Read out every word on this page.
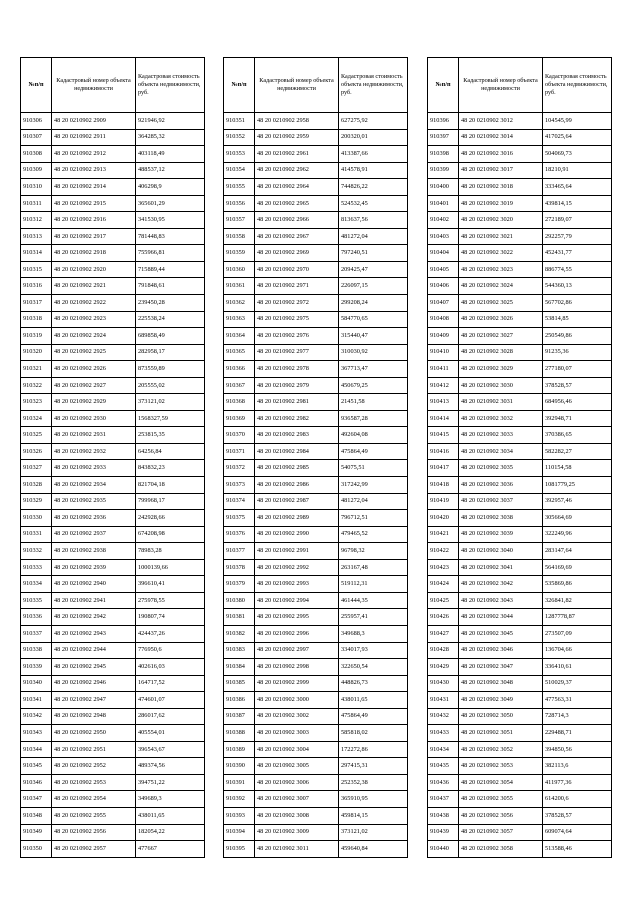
№п/п	Кадастровый номер объекта недвижимости	Кадастровая стоимость объекта недвижимости, руб.
910306	48 20 0210902 2909	921946,92
910307	48 20 0210902 2911	364285,32
910308	48 20 0210902 2912	403118,49
910309	48 20 0210902 2913	488537,12
910310	48 20 0210902 2914	406298,9
910311	48 20 0210902 2915	365601,29
910312	48 20 0210902 2916	341530,95
910313	48 20 0210902 2917	781448,83
910314	48 20 0210902 2918	755966,81
910315	48 20 0210902 2920	715889,44
910316	48 20 0210902 2921	791848,61
910317	48 20 0210902 2922	239450,28
910318	48 20 0210902 2923	225538,24
910319	48 20 0210902 2924	689858,49
910320	48 20 0210902 2925	282958,17
910321	48 20 0210902 2926	873559,89
910322	48 20 0210902 2927	205555,02
910323	48 20 0210902 2929	373121,02
910324	48 20 0210902 2930	1568327,59
910325	48 20 0210902 2931	253815,35
910326	48 20 0210902 2932	64256,84
910327	48 20 0210902 2933	843832,23
910328	48 20 0210902 2934	821704,18
910329	48 20 0210902 2935	799968,17
910330	48 20 0210902 2936	242928,66
910331	48 20 0210902 2937	674208,98
910332	48 20 0210902 2938	78983,28
910333	48 20 0210902 2939	1000139,66
910334	48 20 0210902 2940	396610,41
910335	48 20 0210902 2941	275978,55
910336	48 20 0210902 2942	190807,74
910337	48 20 0210902 2943	424437,26
910338	48 20 0210902 2944	776950,6
910339	48 20 0210902 2945	402616,03
910340	48 20 0210902 2946	164717,52
910341	48 20 0210902 2947	474601,07
910342	48 20 0210902 2948	286017,62
910343	48 20 0210902 2950	405554,01
910344	48 20 0210902 2951	396543,67
910345	48 20 0210902 2952	489374,56
910346	48 20 0210902 2953	394751,22
910347	48 20 0210902 2954	349689,3
910348	48 20 0210902 2955	438011,65
910349	48 20 0210902 2956	182054,22
910350	48 20 0210902 2957	477667
№п/п	Кадастровый номер объекта недвижимости	Кадастровая стоимость объекта недвижимости, руб.
910351	48 20 0210902 2958	627275,92
910352	48 20 0210902 2959	200320,01
910353	48 20 0210902 2961	413387,66
910354	48 20 0210902 2962	414578,91
910355	48 20 0210902 2964	744826,22
910356	48 20 0210902 2965	524532,45
910357	48 20 0210902 2966	813637,56
910358	48 20 0210902 2967	481272,04
910359	48 20 0210902 2969	797240,51
910360	48 20 0210902 2970	209425,47
910361	48 20 0210902 2971	226097,15
910362	48 20 0210902 2972	299208,24
910363	48 20 0210902 2975	584770,65
910364	48 20 0210902 2976	315440,47
910365	48 20 0210902 2977	310030,92
910366	48 20 0210902 2978	367713,47
910367	48 20 0210902 2979	450679,25
910368	48 20 0210902 2981	21451,58
910369	48 20 0210902 2982	936587,28
910370	48 20 0210902 2983	492604,08
910371	48 20 0210902 2984	475864,49
910372	48 20 0210902 2985	54075,51
910373	48 20 0210902 2986	317242,99
910374	48 20 0210902 2987	481272,04
910375	48 20 0210902 2989	796712,51
910376	48 20 0210902 2990	479465,52
910377	48 20 0210902 2991	96798,32
910378	48 20 0210902 2992	263167,48
910379	48 20 0210902 2993	519112,31
910380	48 20 0210902 2994	461444,35
910381	48 20 0210902 2995	255957,41
910382	48 20 0210902 2996	349688,3
910383	48 20 0210902 2997	334017,93
910384	48 20 0210902 2998	322650,54
910385	48 20 0210902 2999	448826,73
910386	48 20 0210902 3000	438011,65
910387	48 20 0210902 3002	475864,49
910388	48 20 0210902 3003	585818,02
910389	48 20 0210902 3004	172272,86
910390	48 20 0210902 3005	297415,31
910391	48 20 0210902 3006	252352,38
910392	48 20 0210902 3007	365910,95
910393	48 20 0210902 3008	459814,15
910394	48 20 0210902 3009	373121,02
910395	48 20 0210902 3011	459640,84
№п/п	Кадастровый номер объекта недвижимости	Кадастровая стоимость объекта недвижимости, руб.
910396	48 20 0210902 3012	104545,99
910397	48 20 0210902 3014	417025,64
910398	48 20 0210902 3016	504069,73
910399	48 20 0210902 3017	18210,91
910400	48 20 0210902 3018	333465,64
910401	48 20 0210902 3019	439814,15
910402	48 20 0210902 3020	272189,07
910403	48 20 0210902 3021	292257,79
910404	48 20 0210902 3022	452431,77
910405	48 20 0210902 3023	886774,55
910406	48 20 0210902 3024	544360,13
910407	48 20 0210902 3025	567702,86
910408	48 20 0210902 3026	53814,85
910409	48 20 0210902 3027	250549,86
910410	48 20 0210902 3028	91235,36
910411	48 20 0210902 3029	277180,07
910412	48 20 0210902 3030	378528,57
910413	48 20 0210902 3031	684956,46
910414	48 20 0210902 3032	392948,71
910415	48 20 0210902 3033	370386,65
910416	48 20 0210902 3034	582282,27
910417	48 20 0210902 3035	110154,58
910418	48 20 0210902 3036	1081779,25
910419	48 20 0210902 3037	392957,46
910420	48 20 0210902 3038	305664,69
910421	48 20 0210902 3039	322249,96
910422	48 20 0210902 3040	283147,64
910423	48 20 0210902 3041	564169,69
910424	48 20 0210902 3042	535869,86
910425	48 20 0210902 3043	326841,82
910426	48 20 0210902 3044	1287778,87
910427	48 20 0210902 3045	273507,09
910428	48 20 0210902 3046	136704,66
910429	48 20 0210902 3047	336410,61
910430	48 20 0210902 3048	510029,37
910431	48 20 0210902 3049	477563,31
910432	48 20 0210902 3050	728714,3
910433	48 20 0210902 3051	229488,71
910434	48 20 0210902 3052	394850,56
910435	48 20 0210902 3053	382113,6
910436	48 20 0210902 3054	411977,36
910437	48 20 0210902 3055	614200,6
910438	48 20 0210902 3056	378528,57
910439	48 20 0210902 3057	609074,64
910440	48 20 0210902 3058	513588,46
